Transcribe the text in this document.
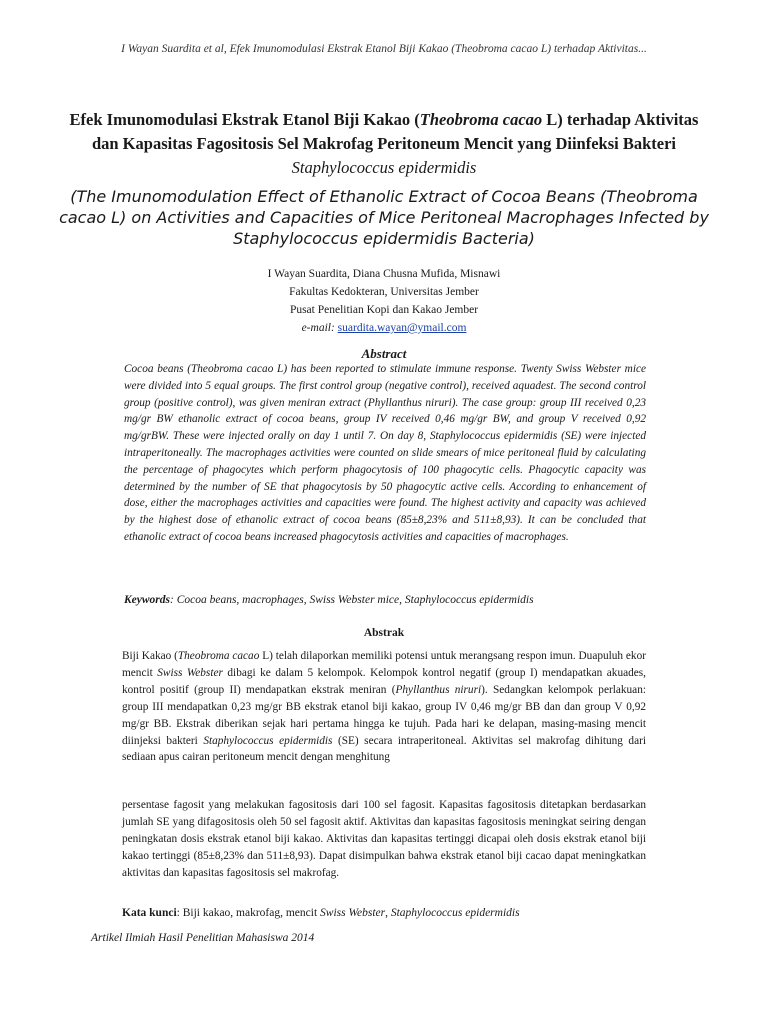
I Wayan Suardita et al, Efek Imunomodulasi Ekstrak Etanol Biji Kakao (Theobroma cacao L) terhadap Aktivitas...
Efek Imunomodulasi Ekstrak Etanol Biji Kakao (Theobroma cacao L) terhadap Aktivitas dan Kapasitas Fagositosis Sel Makrofag Peritoneum Mencit yang Diinfeksi Bakteri Staphylococcus epidermidis
(The Imunomodulation Effect of Ethanolic Extract of Cocoa Beans (Theobroma cacao L) on Activities and Capacities of Mice Peritoneal Macrophages Infected by Staphylococcus epidermidis Bacteria)
I Wayan Suardita, Diana Chusna Mufida, Misnawi
Fakultas Kedokteran, Universitas Jember
Pusat Penelitian Kopi dan Kakao Jember
e-mail: suardita.wayan@ymail.com
Abstract
Cocoa beans (Theobroma cacao L) has been reported to stimulate immune response. Twenty Swiss Webster mice were divided into 5 equal groups. The first control group (negative control), received aquadest. The second control group (positive control), was given meniran extract (Phyllanthus niruri). The case group: group III received 0,23 mg/gr BW ethanolic extract of cocoa beans, group IV received 0,46 mg/gr BW, and group V received 0,92 mg/grBW. These were injected orally on day 1 until 7. On day 8, Staphylococcus epidermidis (SE) were injected intraperitoneally. The macrophages activities were counted on slide smears of mice peritoneal fluid by calculating the percentage of phagocytes which perform phagocytosis of 100 phagocytic cells. Phagocytic capacity was determined by the number of SE that phagocytosis by 50 phagocytic active cells. According to enhancement of dose, either the macrophages activities and capacities were found. The highest activity and capacity was achieved by the highest dose of ethanolic extract of cocoa beans (85±8,23% and 511±8,93). It can be concluded that ethanolic extract of cocoa beans increased phagocytosis activities and capacities of macrophages.
Keywords: Cocoa beans, macrophages, Swiss Webster mice, Staphylococcus epidermidis
Abstrak
Biji Kakao (Theobroma cacao L) telah dilaporkan memiliki potensi untuk merangsang respon imun. Duapuluh ekor mencit Swiss Webster dibagi ke dalam 5 kelompok. Kelompok kontrol negatif (group I) mendapatkan akuades, kontrol positif (group II) mendapatkan ekstrak meniran (Phyllanthus niruri). Sedangkan kelompok perlakuan: group III mendapatkan 0,23 mg/gr BB ekstrak etanol biji kakao, group IV 0,46 mg/gr BB dan dan group V 0,92 mg/gr BB. Ekstrak diberikan sejak hari pertama hingga ke tujuh. Pada hari ke delapan, masing-masing mencit diinjeksi bakteri Staphylococcus epidermidis (SE) secara intraperitoneal. Aktivitas sel makrofag dihitung dari sediaan apus cairan peritoneum mencit dengan menghitung
persentase fagosit yang melakukan fagositosis dari 100 sel fagosit. Kapasitas fagositosis ditetapkan berdasarkan jumlah SE yang difagositosis oleh 50 sel fagosit aktif. Aktivitas dan kapasitas fagositosis meningkat seiring dengan peningkatan dosis ekstrak etanol biji kakao. Aktivitas dan kapasitas tertinggi dicapai oleh dosis ekstrak etanol biji kakao tertinggi (85±8,23% dan 511±8,93). Dapat disimpulkan bahwa ekstrak etanol biji cacao dapat meningkatkan aktivitas dan kapasitas fagositosis sel makrofag.
Kata kunci: Biji kakao, makrofag, mencit Swiss Webster, Staphylococcus epidermidis
Artikel Ilmiah Hasil Penelitian Mahasiswa 2014
